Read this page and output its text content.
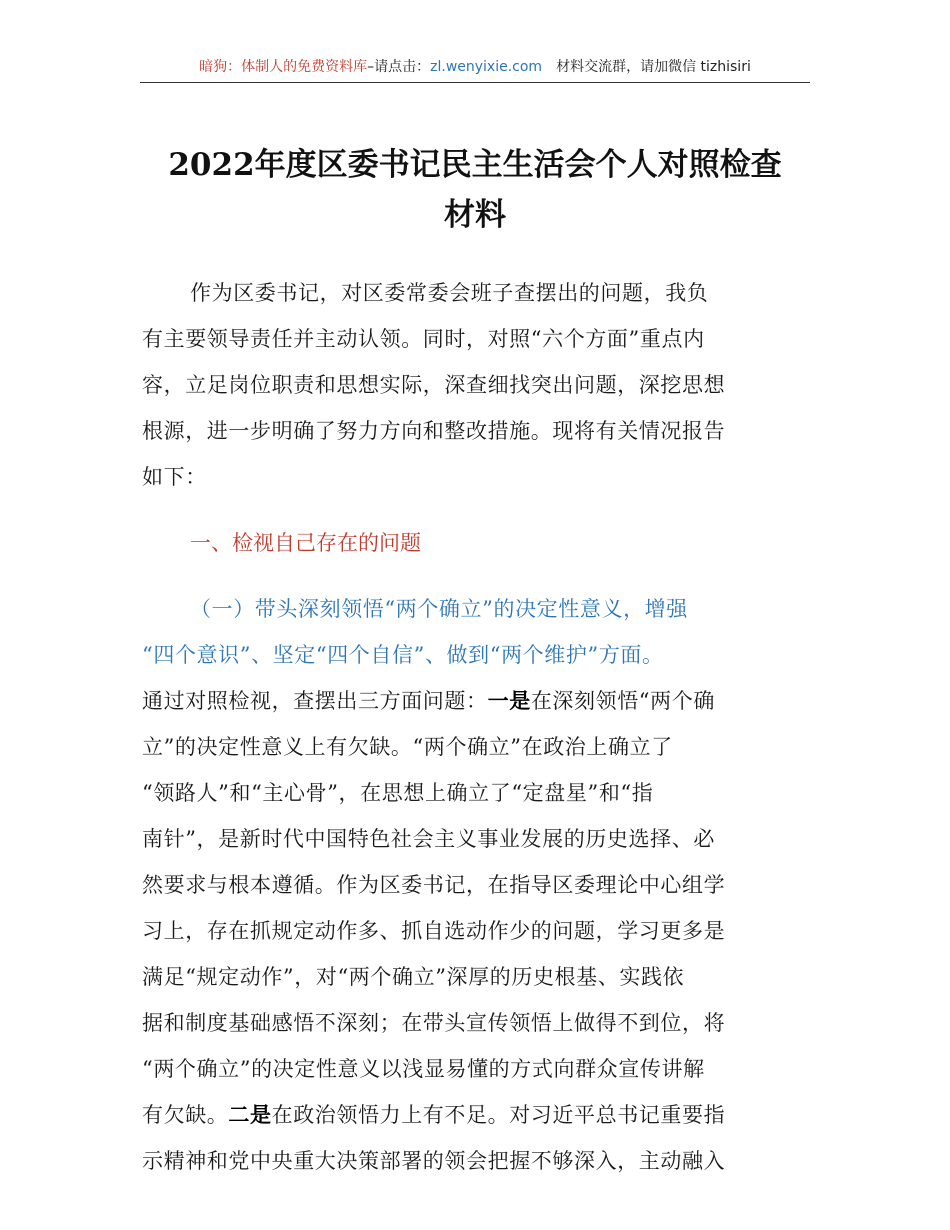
暗狗：体制人的免费资料库–请点击：zl.wenyixie.com 材料交流群，请加微信 tizhisiri
2022年度区委书记民主生活会个人对照检查
材料
作为区委书记，对区委常委会班子查摆出的问题，我负
有主要领导责任并主动认领。同时，对照“六个方面”重点内
容，立足岗位职责和思想实际，深查细找突出问题，深挖思想
根源，进一步明确了努力方向和整改措施。现将有关情况报告
如下：
一、检视自己存在的问题
（一）带头深刻领悟“两个确立”的决定性意义，增强
“四个意识”、坚定“四个自信”、做到“两个维护”方面。
通过对照检视，查摆出三方面问题：一是在深刻领悟“两个确
立”的决定性意义上有欠缺。“两个确立”在政治上确立了
“领路人”和“主心骨”，在思想上确立了“定盘星”和“指
南针”，是新时代中国特色社会主义事业发展的历史选择、必
然要求与根本遵循。作为区委书记，在指导区委理论中心组学
习上，存在抓规定动作多、抓自选动作少的问题，学习更多是
满足“规定动作”，对“两个确立”深厚的历史根基、实践依
据和制度基础感悟不深刻；在带头宣传领悟上做得不到位，将
“两个确立”的决定性意义以浅显易懂的方式向群众宣传讲解
有欠缺。二是在政治领悟力上有不足。对习近平总书记重要指
示精神和党中央重大决策部署的领会把握不够深入，主动融入
